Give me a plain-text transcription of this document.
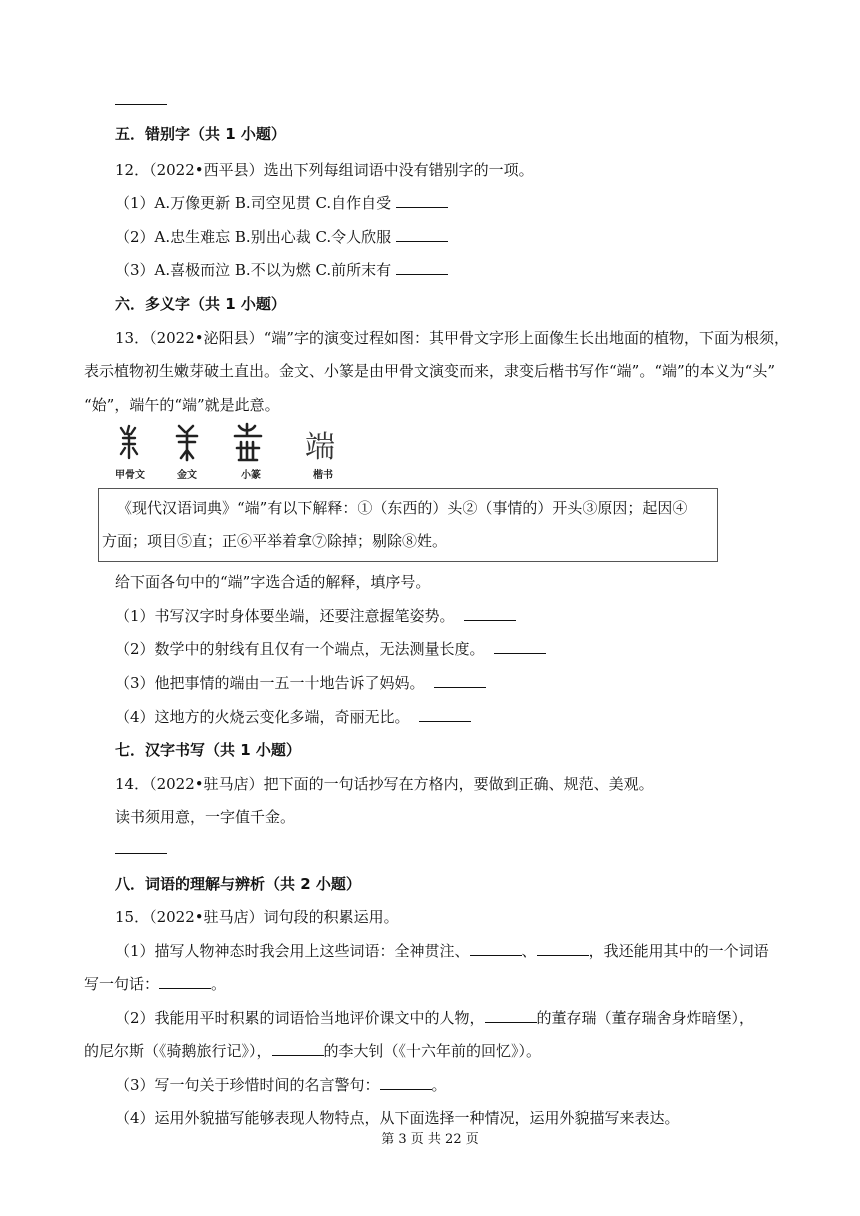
五．错别字（共 1 小题）
12．（2022•西平县）选出下列每组词语中没有错别字的一项。
（1）A.万像更新 B.司空见贯 C.自作自受
（2）A.忠生难忘 B.别出心裁 C.令人欣服
（3）A.喜极而泣 B.不以为燃 C.前所末有
六．多义字（共 1 小题）
13．（2022•泌阳县）“端”字的演变过程如图：其甲骨文字形上面像生长出地面的植物，下面为根须，
表示植物初生嫩芽破土直出。金文、小篆是由甲骨文演变而来，隶变后楷书写作“端”。“端”的本义为“头”
“始”，端午的“端”就是此意。
端
甲骨文	金文	小篆	楷书

《现代汉语词典》“端”有以下解释：①（东西的）头②（事情的）开头③原因；起因④

方面；项目⑤直；正⑥平举着拿⑦除掉；剔除⑧姓。

给下面各句中的“端”字选合适的解释，填序号。
（1）书写汉字时身体要坐端，还要注意握笔姿势。
（2）数学中的射线有且仅有一个端点，无法测量长度。
（3）他把事情的端由一五一十地告诉了妈妈。
（4）这地方的火烧云变化多端，奇丽无比。
七．汉字书写（共 1 小题）
14．（2022•驻马店）把下面的一句话抄写在方格内，要做到正确、规范、美观。
读书须用意，一字值千金。
八．词语的理解与辨析（共 2 小题）
15．（2022•驻马店）词句段的积累运用。
（1）描写人物神态时我会用上这些词语：全神贯注、	、	，我还能用其中的一个词语
写一句话：	。
（2）我能用平时积累的词语恰当地评价课文中的人物，	的董存瑞（董存瑞舍身炸暗堡），
的尼尔斯（《骑鹅旅行记》），	的李大钊（《十六年前的回忆》）。
（3）写一句关于珍惜时间的名言警句：	。
（4）运用外貌描写能够表现人物特点，从下面选择一种情况，运用外貌描写来表达。
第 3 页 共 22 页
